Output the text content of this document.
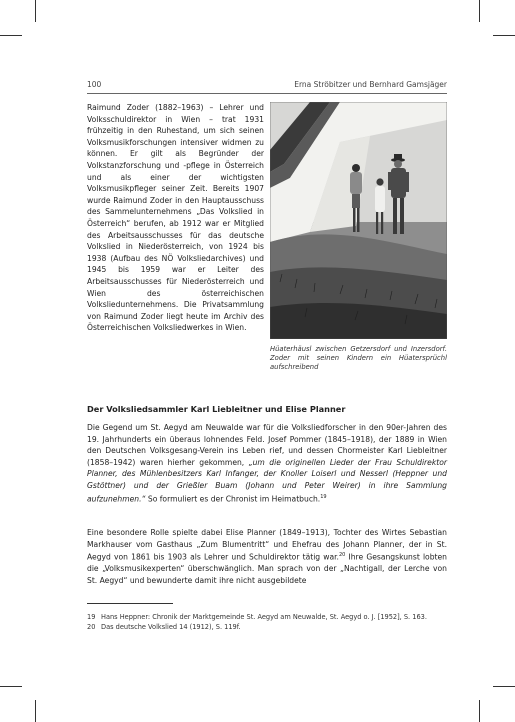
100	Erna Ströbitzer und Bernhard Gamsjäger
Raimund Zoder (1882–1963) – Lehrer und Volksschuldirektor in Wien – trat 1931 frühzeitig in den Ruhestand, um sich seinen Volksmusikforschungen intensiver widmen zu können. Er gilt als Begründer der Volkstanzforschung und -pflege in Österreich und als einer der wichtigsten Volksmusikpfleger seiner Zeit. Bereits 1907 wurde Raimund Zoder in den Hauptausschuss des Sammelunternehmens „Das Volkslied in Österreich“ berufen, ab 1912 war er Mitglied des Arbeitsausschusses für das deutsche Volkslied in Niederösterreich, von 1924 bis 1938 (Aufbau des NÖ Volksliedarchives) und 1945 bis 1959 war er Leiter des Arbeitsausschusses für Niederösterreich und Wien des österreichischen Volksliedunternehmens. Die Privatsammlung von Raimund Zoder liegt heute im Archiv des Österreichischen Volksliedwerkes in Wien.
Hüaterhäusl zwischen Getzersdorf und Inzersdorf. Zoder mit seinen Kindern ein Hüatersprüchl aufschreibend
Der Volksliedsammler Karl Liebleitner und Elise Planner
Die Gegend um St. Aegyd am Neuwalde war für die Volksliedforscher in den 90er-Jahren des 19. Jahrhunderts ein überaus lohnendes Feld. Josef Pommer (1845–1918), der 1889 in Wien den Deutschen Volksgesang-Verein ins Leben rief, und dessen Chormeister Karl Liebleitner (1858–1942) waren hierher gekommen, „um die originellen Lieder der Frau Schuldirektor Planner, des Mühlenbesitzers Karl Infanger, der Knoller Loiserl und Nesserl (Heppner und Gstöttner) und der Grießler Buam (Johann und Peter Weirer) in ihre Sammlung aufzunehmen.“ So formuliert es der Chronist im Heimatbuch.$^{19}$
Eine besondere Rolle spielte dabei Elise Planner (1849–1913), Tochter des Wirtes Sebastian Markhauser vom Gasthaus „Zum Blumentritt“ und Ehefrau des Johann Planner, der in St. Aegyd von 1861 bis 1903 als Lehrer und Schuldirektor tätig war.$^{20}$ Ihre Gesangskunst lobten die „Volksmusikexperten“ überschwänglich. Man sprach von der „Nachtigall, der Lerche von St. Aegyd“ und bewunderte damit ihre nicht ausgebildete
19 Hans Heppner: Chronik der Marktgemeinde St. Aegyd am Neuwalde, St. Aegyd o. J. [1952], S. 163.
20 Das deutsche Volkslied 14 (1912), S. 119f.
